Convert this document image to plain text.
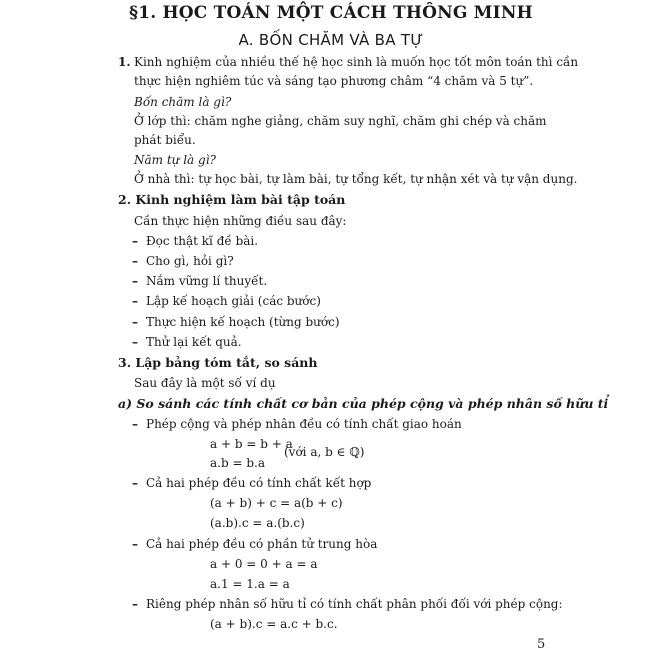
§1. HỌC TOÁN MỘT CÁCH THÔNG MINH
A. BỐN CHĂM VÀ BA TỰ
1. Kinh nghiệm của nhiều thế hệ học sinh là muốn học tốt môn toán thì cần
thực hiện nghiêm túc và sáng tạo phương châm “4 chăm và 5 tự”.
Bốn chăm là gì?
Ở lớp thì: chăm nghe giảng, chăm suy nghĩ, chăm ghi chép và chăm
phát biểu.
Năm tự là gì?
Ở nhà thì: tự học bài, tự làm bài, tự tổng kết, tự nhận xét và tự vận dụng.
2. Kinh nghiệm làm bài tập toán
Cần thực hiện những điều sau đây:
– Đọc thật kĩ đề bài.
– Cho gì, hỏi gì?
– Nắm vững lí thuyết.
– Lập kế hoạch giải (các bước)
– Thực hiện kế hoạch (từng bước)
– Thử lại kết quả.
3. Lập bảng tóm tắt, so sánh
Sau đây là một số ví dụ
a) So sánh các tính chất cơ bản của phép cộng và phép nhân số hữu tỉ
– Phép cộng và phép nhân đều có tính chất giao hoán
a + b = b + a
a.b = b.a
(với a, b ∈ ℚ)
– Cả hai phép đều có tính chất kết hợp
(a + b) + c = a(b + c)
(a.b).c = a.(b.c)
– Cả hai phép đều có phần tử trung hòa
a + 0 = 0 + a = a
a.1 = 1.a = a
– Riêng phép nhân số hữu tỉ có tính chất phân phối đối với phép cộng:
(a + b).c = a.c + b.c.
5
